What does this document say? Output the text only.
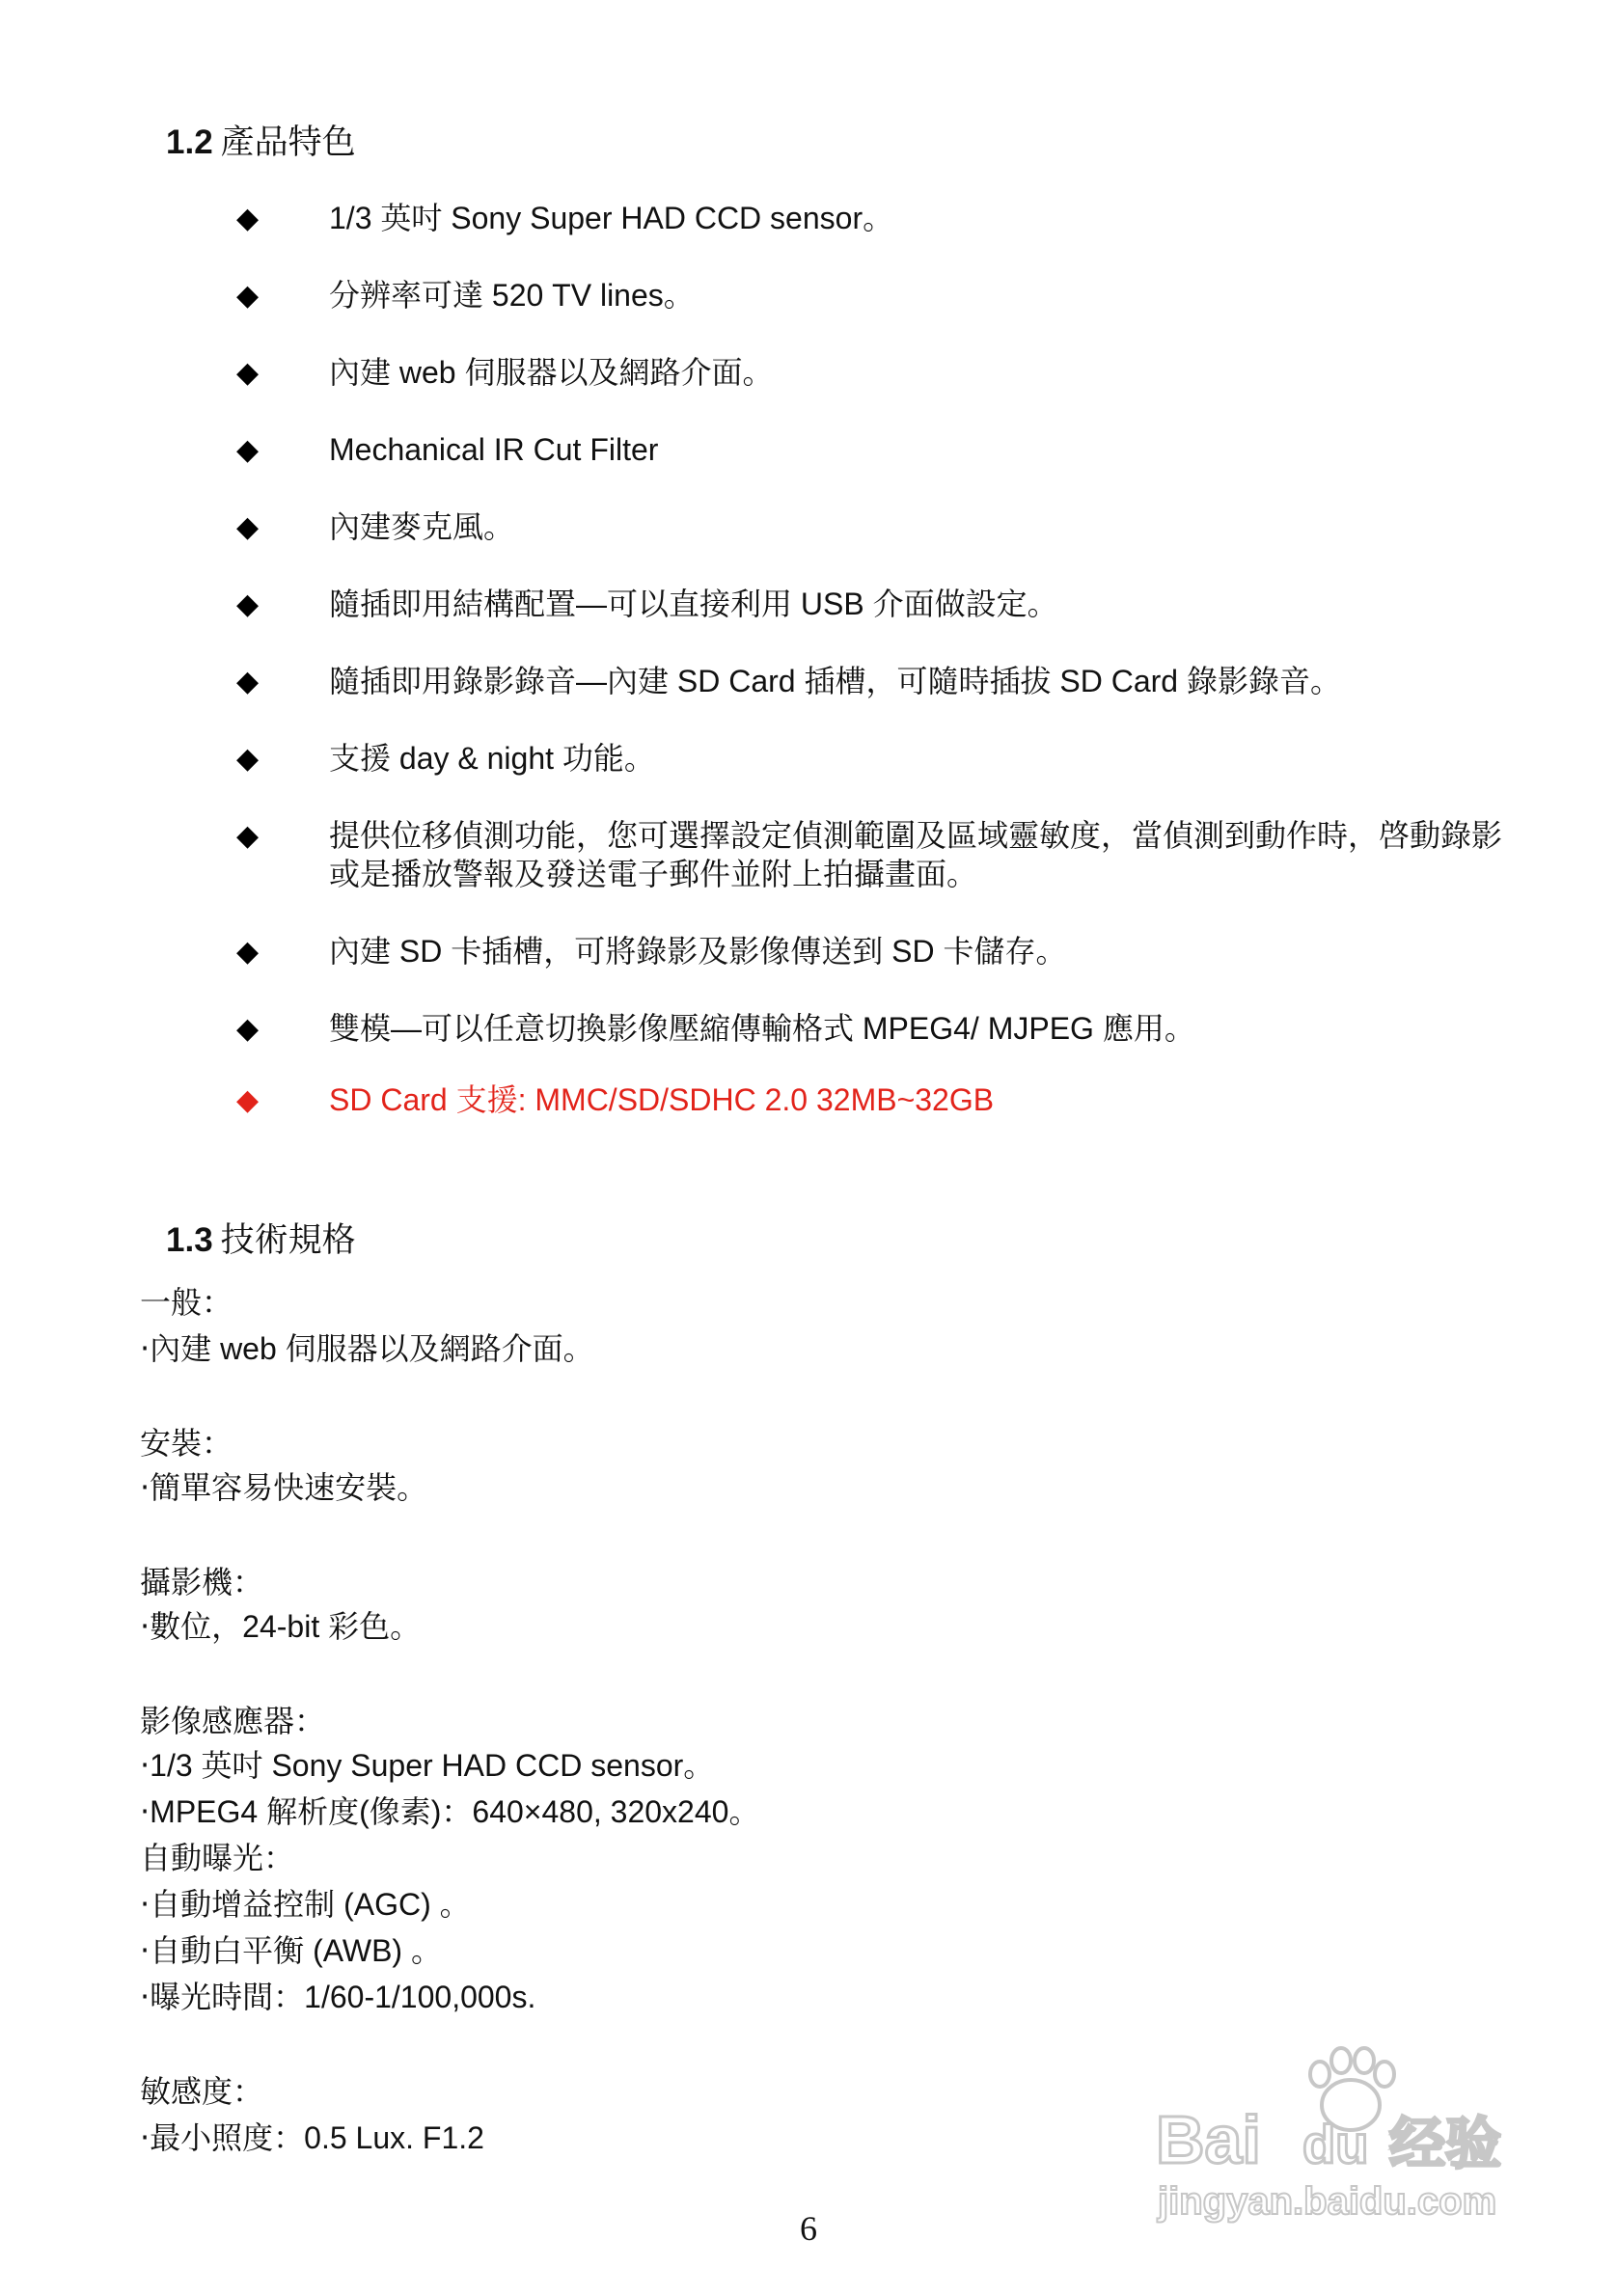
1.2 產品特色
◆ 1/3 英吋 Sony Super HAD CCD sensor。
◆ 分辨率可達 520 TV lines。
◆ 內建 web 伺服器以及網路介面。
◆ Mechanical IR Cut Filter
◆ 內建麥克風。
◆ 隨插即用結構配置—可以直接利用 USB 介面做設定。
◆ 隨插即用錄影錄音—內建 SD Card 插槽，可隨時插拔 SD Card 錄影錄音。
◆ 支援 day & night 功能。
◆ 提供位移偵測功能，您可選擇設定偵測範圍及區域靈敏度，當偵測到動作時，啓動錄影或是播放警報及發送電子郵件並附上拍攝畫面。
◆ 內建 SD 卡插槽，可將錄影及影像傳送到 SD 卡儲存。
◆ 雙模—可以任意切換影像壓縮傳輸格式 MPEG4/ MJPEG 應用。
◆ SD Card 支援: MMC/SD/SDHC 2.0 32MB~32GB
1.3 技術規格
一般：
‧內建 web 伺服器以及網路介面。
安裝：
‧簡單容易快速安裝。
攝影機：
‧數位，24-bit 彩色。
影像感應器：
‧1/3 英吋 Sony Super HAD CCD sensor。
‧MPEG4 解析度(像素)：640×480, 320x240。
自動曝光：
‧自動增益控制 (AGC) 。
‧自動白平衡 (AWB) 。
‧曝光時間：1/60-1/100,000s.
敏感度：
‧最小照度：0.5 Lux. F1.2
6
Bai du 经验
jingyan.baidu.com
